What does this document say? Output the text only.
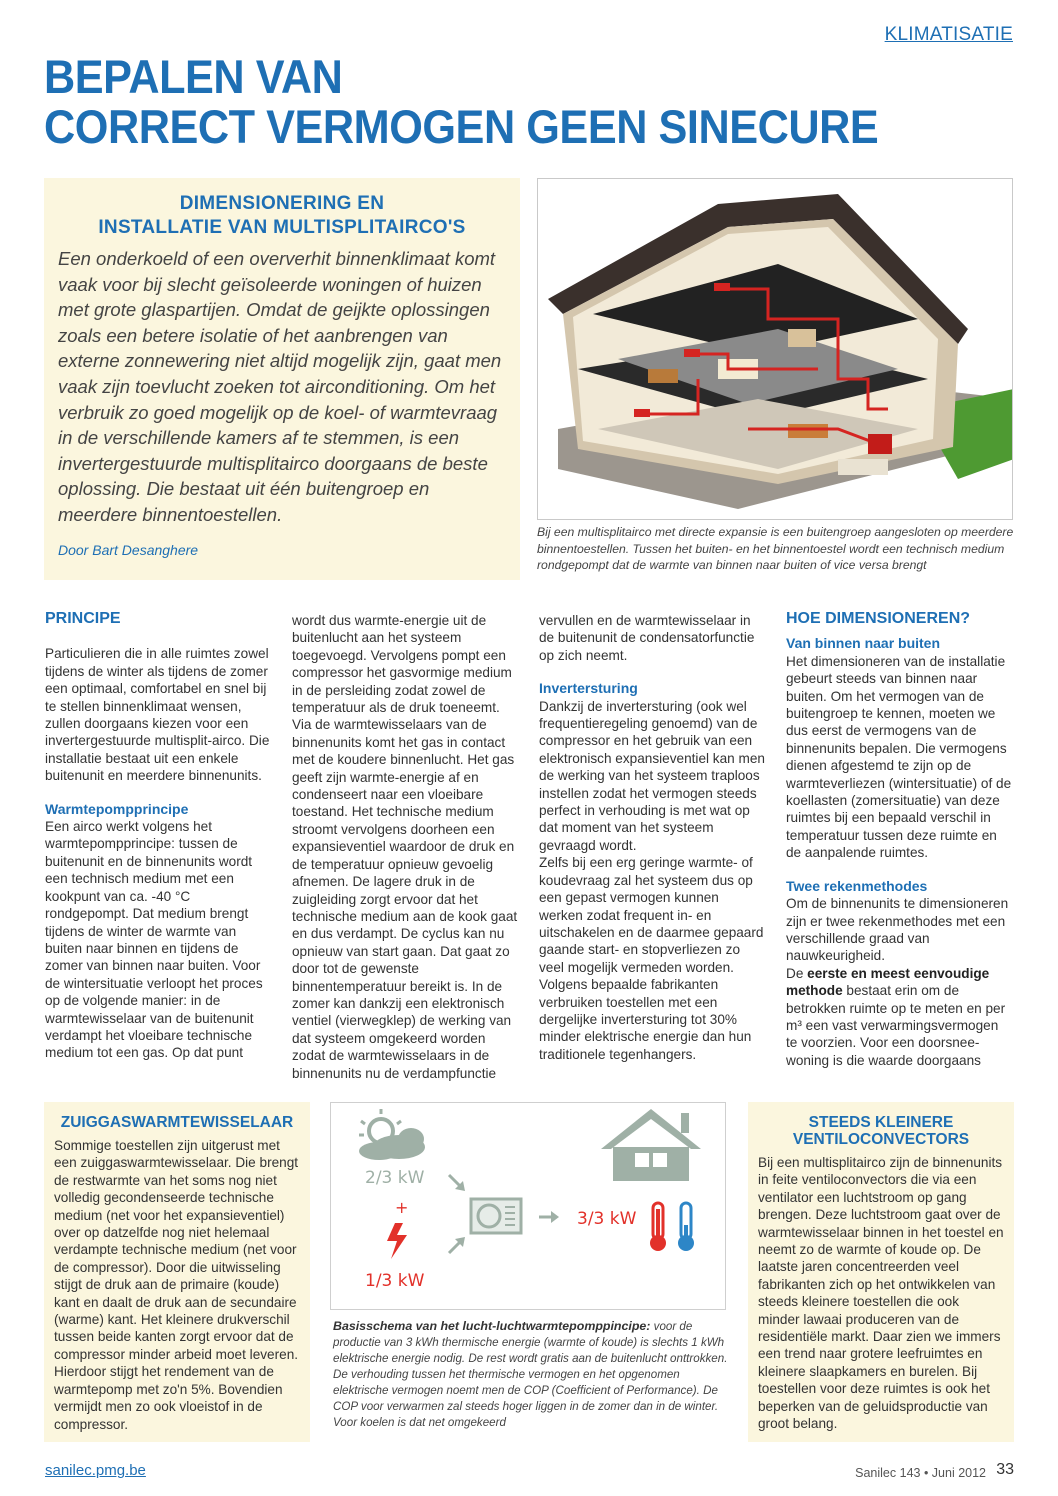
KLIMATISATIE
BEPALEN VAN
CORRECT VERMOGEN GEEN SINECURE
DIMENSIONERING EN
INSTALLATIE VAN MULTISPLITAIRCO'S

Een onderkoeld of een oververhit binnenklimaat komt vaak voor bij slecht geïsoleerde woningen of huizen met grote glaspartijen. Omdat de geijkte oplossingen zoals een betere isolatie of het aanbrengen van externe zonnewering niet altijd mogelijk zijn, gaat men vaak zijn toevlucht zoeken tot airconditioning. Om het verbruik zo goed mogelijk op de koel- of warmtevraag in de verschillende kamers af te stemmen, is een invertergestuurde multisplitairco doorgaans de beste oplossing. Die bestaat uit één buitengroep en meerdere binnentoestellen.

Door Bart Desanghere

Bij een multisplitairco met directe expansie is een buitengroep aangesloten op meerdere binnentoestellen. Tussen het buiten- en het binnentoestel wordt een technisch medium rondgepompt dat de warmte van binnen naar buiten of vice versa brengt

PRINCIPE

Particulieren die in alle ruimtes zowel tijdens de winter als tijdens de zomer een optimaal, comfortabel en snel bij te stellen binnenklimaat wensen, zullen doorgaans kiezen voor een invertergestuurde multisplit-airco. Die installatie bestaat uit een enkele buitenunit en meerdere binnenunits.

Warmtepompprincipe

Een airco werkt volgens het warmtepompprincipe: tussen de buitenunit en de binnenunits wordt een technisch medium met een kookpunt van ca. -40 °C rondgepompt. Dat medium brengt tijdens de winter de warmte van buiten naar binnen en tijdens de zomer van binnen naar buiten. Voor de wintersituatie verloopt het proces op de volgende manier: in de warmtewisselaar van de buitenunit verdampt het vloeibare technische medium tot een gas. Op dat punt

wordt dus warmte-energie uit de buitenlucht aan het systeem toegevoegd. Vervolgens pompt een compressor het gasvormige medium in de persleiding zodat zowel de temperatuur als de druk toeneemt. Via de warmtewisselaars van de binnenunits komt het gas in contact met de koudere binnenlucht. Het gas geeft zijn warmte-energie af en condenseert naar een vloeibare toestand. Het technische medium stroomt vervolgens doorheen een expansieventiel waardoor de druk en de temperatuur opnieuw gevoelig afnemen. De lagere druk in de zuigleiding zorgt ervoor dat het technische medium aan de kook gaat en dus verdampt. De cyclus kan nu opnieuw van start gaan. Dat gaat zo door tot de gewenste binnentemperatuur bereikt is. In de zomer kan dankzij een elektronisch ventiel (vierwegklep) de werking van dat systeem omgekeerd worden zodat de warmtewisselaars in de binnenunits nu de verdampfunctie

vervullen en de warmtewisselaar in de buitenunit de condensatorfunctie op zich neemt.

Invertersturing

Dankzij de invertersturing (ook wel frequentieregeling genoemd) van de compressor en het gebruik van een elektronisch expansieventiel kan men de werking van het systeem traploos instellen zodat het vermogen steeds perfect in verhouding is met wat op dat moment van het systeem gevraagd wordt.

Zelfs bij een erg geringe warmte- of koudevraag zal het systeem dus op een gepast vermogen kunnen werken zodat frequent in- en uitschakelen en de daarmee gepaard gaande start- en stopverliezen zo veel mogelijk vermeden worden. Volgens bepaalde fabrikanten verbruiken toestellen met een dergelijke invertersturing tot 30% minder elektrische energie dan hun traditionele tegenhangers.

HOE DIMENSIONEREN?
Van binnen naar buiten

Het dimensioneren van de installatie gebeurt steeds van binnen naar buiten. Om het vermogen van de buitengroep te kennen, moeten we dus eerst de vermogens van de binnenunits bepalen. Die vermogens dienen afgestemd te zijn op de warmteverliezen (wintersituatie) of de koellasten (zomersituatie) van deze ruimtes bij een bepaald verschil in temperatuur tussen deze ruimte en de aanpalende ruimtes.

Twee rekenmethodes

Om de binnenunits te dimensioneren zijn er twee rekenmethodes met een verschillende graad van nauwkeurigheid.

De eerste en meest eenvoudige methode bestaat erin om de betrokken ruimte op te meten en per m³ een vast verwarmingsvermogen te voorzien. Voor een doorsnee-woning is die waarde doorgaans

ZUIGGASWARMTEWISSELAAR

Sommige toestellen zijn uitgerust met een zuiggaswarmtewisselaar. Die brengt de restwarmte van het soms nog niet volledig gecondenseerde technische medium (net voor het expansieventiel) over op datzelfde nog niet helemaal verdampte technische medium (net voor de compressor). Door die uitwisseling stijgt de druk aan de primaire (koude) kant en daalt de druk aan de secundaire (warme) kant. Het kleinere drukverschil tussen beide kanten zorgt ervoor dat de compressor minder arbeid moet leveren. Hierdoor stijgt het rendement van de warmtepomp met zo'n 5%. Bovendien vermijdt men zo ook vloeistof in de compressor.

2/3 kW
+
1/3 kW
3/3 kW

Basisschema van het lucht-luchtwarmtepomppincipe: voor de productie van 3 kWh thermische energie (warmte of koude) is slechts 1 kWh elektrische energie nodig. De rest wordt gratis aan de buitenlucht onttrokken. De verhouding tussen het thermische vermogen en het opgenomen elektrische vermogen noemt men de COP (Coefficient of Performance). De COP voor verwarmen zal steeds hoger liggen in de zomer dan in de winter. Voor koelen is dat net omgekeerd

STEEDS KLEINERE
VENTILOCONVECTORS

Bij een multisplitairco zijn de binnenunits in feite ventiloconvectors die via een ventilator een luchtstroom op gang brengen. Deze luchtstroom gaat over de warmtewisselaar binnen in het toestel en neemt zo de warmte of koude op. De laatste jaren concentreerden veel fabrikanten zich op het ontwikkelen van steeds kleinere toestellen die ook minder lawaai produceren van de residentiële markt. Daar zien we immers een trend naar grotere leefruimtes en kleinere slaapkamers en burelen. Bij toestellen voor deze ruimtes is ook het beperken van de geluidsproductie van groot belang.

sanilec.pmg.be	Sanilec 143 • Juni 2012 33
